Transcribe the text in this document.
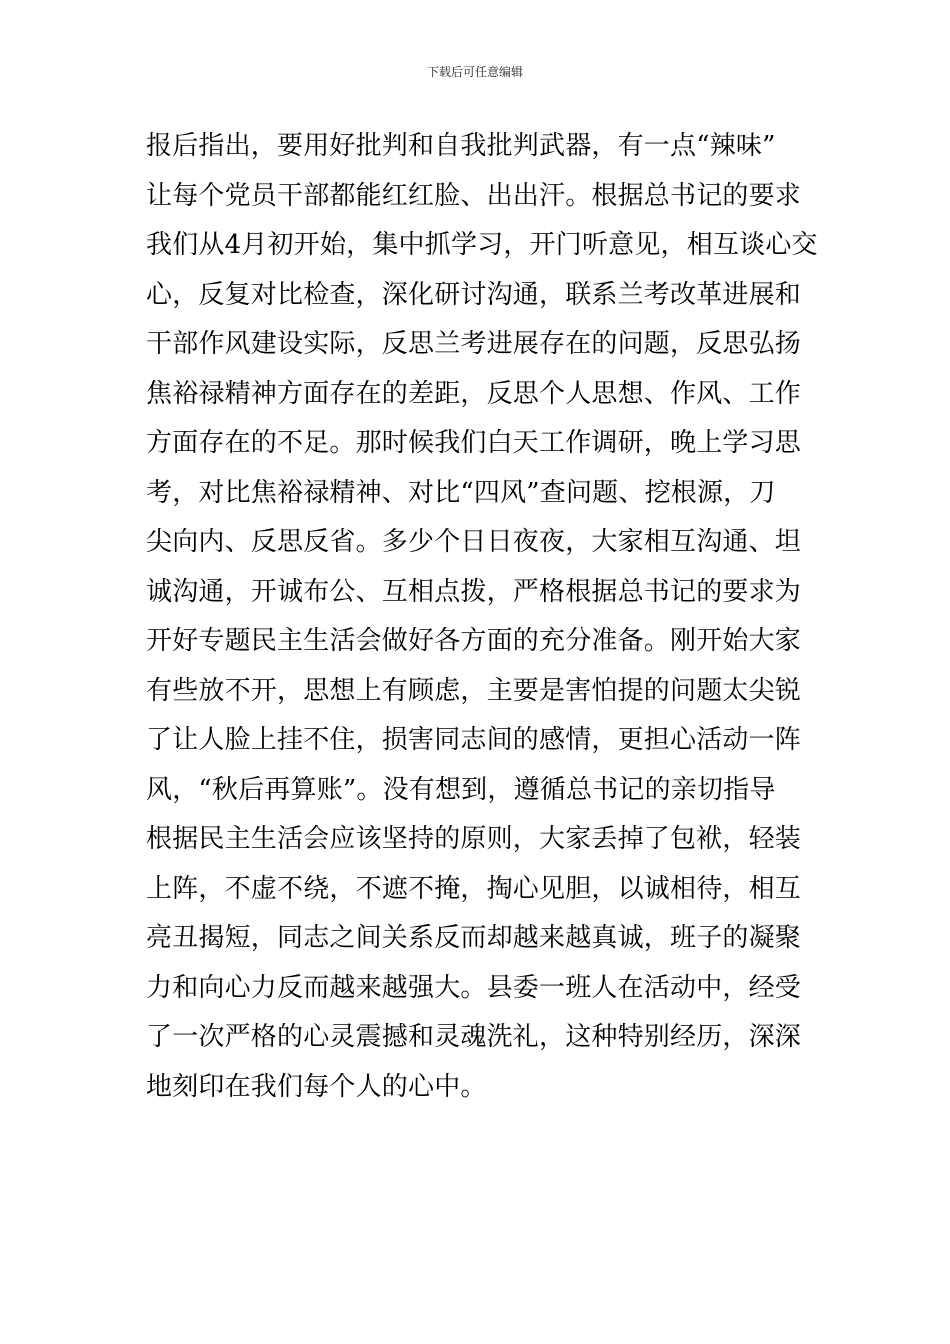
下载后可任意编辑
报后指出，要用好批判和自我批判武器，有一点“辣味”
让每个党员干部都能红红脸、出出汗。根据总书记的要求
我们从4月初开始，集中抓学习，开门听意见，相互谈心交
心，反复对比检查，深化研讨沟通，联系兰考改革进展和
干部作风建设实际，反思兰考进展存在的问题，反思弘扬
焦裕禄精神方面存在的差距，反思个人思想、作风、工作
方面存在的不足。那时候我们白天工作调研，晚上学习思
考，对比焦裕禄精神、对比“四风”查问题、挖根源，刀
尖向内、反思反省。多少个日日夜夜，大家相互沟通、坦
诚沟通，开诚布公、互相点拨，严格根据总书记的要求为
开好专题民主生活会做好各方面的充分准备。刚开始大家
有些放不开，思想上有顾虑，主要是害怕提的问题太尖锐
了让人脸上挂不住，损害同志间的感情，更担心活动一阵
风，“秋后再算账”。没有想到，遵循总书记的亲切指导
根据民主生活会应该坚持的原则，大家丢掉了包袱，轻装
上阵，不虚不绕，不遮不掩，掏心见胆，以诚相待，相互
亮丑揭短，同志之间关系反而却越来越真诚，班子的凝聚
力和向心力反而越来越强大。县委一班人在活动中，经受
了一次严格的心灵震撼和灵魂洗礼，这种特别经历，深深
地刻印在我们每个人的心中。
